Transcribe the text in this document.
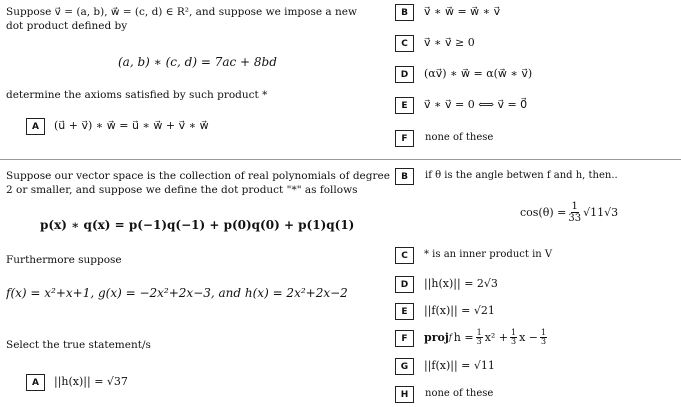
Suppose v⃗ = (a, b), w⃗ = (c, d) ∈ R², and suppose we impose a new
dot product defined by
(a, b) ∗ (c, d) = 7ac + 8bd
determine the axioms satisfied by such product *
A	(u⃗ + v⃗) ∗ w⃗ = u⃗ ∗ w⃗ + v⃗ ∗ w⃗
B	v⃗ ∗ w⃗ = w⃗ ∗ v⃗
C	v⃗ ∗ v⃗ ≥ 0
D	(αv⃗) ∗ w⃗ = α(w⃗ ∗ v⃗)
E	v⃗ ∗ v⃗ = 0 ⟺ v⃗ = 0⃗
F	none of these
Suppose our vector space is the collection of real polynomials of degree
2 or smaller, and suppose we define the dot product "*" as follows
p(x) ∗ q(x) = p(−1)q(−1) + p(0)q(0) + p(1)q(1)
Furthermore suppose
f(x) = x²+x+1, g(x) = −2x²+2x−3, and h(x) = 2x²+2x−2
Select the true statement/s
A	||h(x)|| = √37
B	if θ is the angle betwen f and h, then..
$\cos(\theta) = \frac{1}{33} √11√3$
C	* is an inner product in V
D	||h(x)|| = 2√3
E	||f(x)|| = √21
F	proj f $h = \frac{1}{3} x^2 + \frac{1}{3}$ $x - \frac{1}{3}$
G	||f(x)|| = √11
H	none of these
